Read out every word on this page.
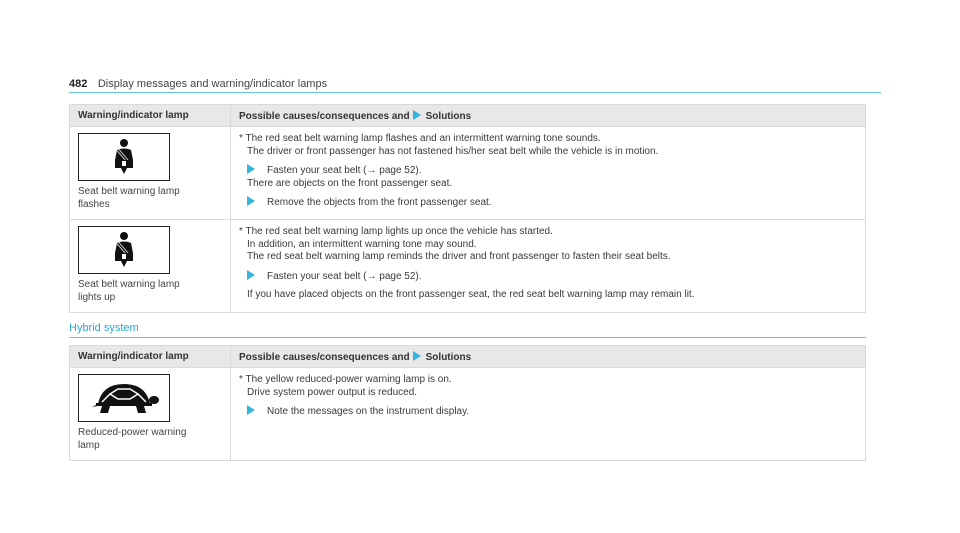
482 Display messages and warning/indicator lamps
Warning/indicator lamp	Possible causes/consequences and Solutions

Seat belt warning lamp
flashes	* The red seat belt warning lamp flashes and an intermittent warning tone sounds.
The driver or front passenger has not fastened his/her seat belt while the vehicle is in motion.
Fasten your seat belt (→ page 52).
There are objects on the front passenger seat.
Remove the objects from the front passenger seat.

Seat belt warning lamp
lights up	* The red seat belt warning lamp lights up once the vehicle has started.
In addition, an intermittent warning tone may sound.
The red seat belt warning lamp reminds the driver and front passenger to fasten their seat belts.
Fasten your seat belt (→ page 52).
If you have placed objects on the front passenger seat, the red seat belt warning lamp may remain lit.
Hybrid system
Warning/indicator lamp	Possible causes/consequences and Solutions

Reduced-power warning
lamp	* The yellow reduced-power warning lamp is on.
Drive system power output is reduced.
Note the messages on the instrument display.
